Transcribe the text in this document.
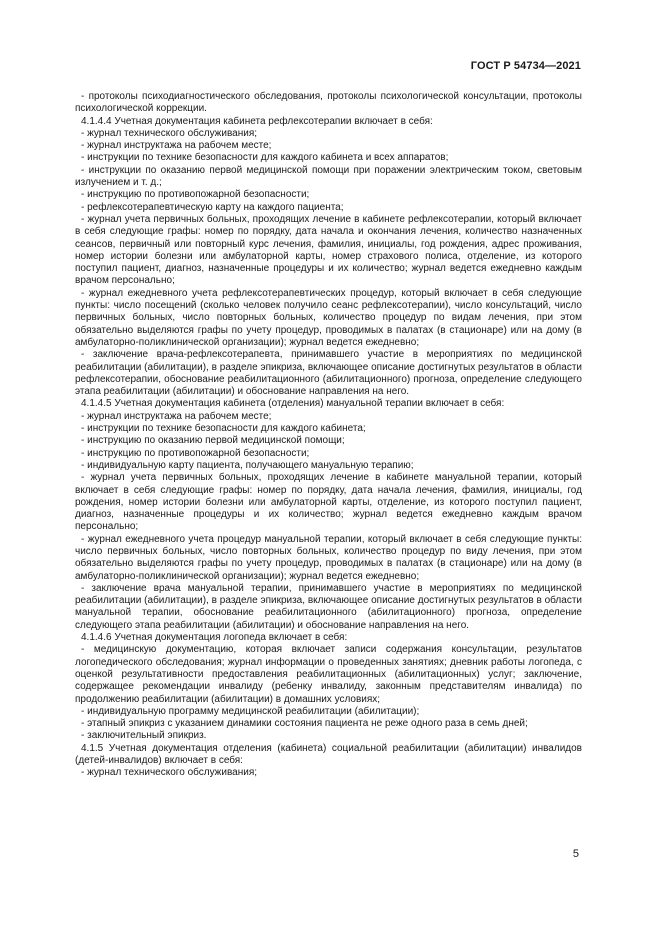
ГОСТ Р 54734—2021

- протоколы психодиагностического обследования, протоколы психологической консультации, протоколы психологической коррекции.

4.1.4.4 Учетная документация кабинета рефлексотерапии включает в себя:

- журнал технического обслуживания;

- журнал инструктажа на рабочем месте;

- инструкции по технике безопасности для каждого кабинета и всех аппаратов;

- инструкции по оказанию первой медицинской помощи при поражении электрическим током, световым излучением и т. д.;

- инструкцию по противопожарной безопасности;

- рефлексотерапевтическую карту на каждого пациента;

- журнал учета первичных больных, проходящих лечение в кабинете рефлексотерапии, который включает в себя следующие графы: номер по порядку, дата начала и окончания лечения, количество назначенных сеансов, первичный или повторный курс лечения, фамилия, инициалы, год рождения, адрес проживания, номер истории болезни или амбулаторной карты, номер страхового полиса, отделение, из которого поступил пациент, диагноз, назначенные процедуры и их количество; журнал ведется ежедневно каждым врачом персонально;

- журнал ежедневного учета рефлексотерапевтических процедур, который включает в себя следующие пункты: число посещений (сколько человек получило сеанс рефлексотерапии), число консультаций, число первичных больных, число повторных больных, количество процедур по видам лечения, при этом обязательно выделяются графы по учету процедур, проводимых в палатах (в стационаре) или на дому (в амбулаторно-поликлинической организации); журнал ведется ежедневно;

- заключение врача-рефлексотерапевта, принимавшего участие в мероприятиях по медицинской реабилитации (абилитации), в разделе эпикриза, включающее описание достигнутых результатов в области рефлексотерапии, обоснование реабилитационного (абилитационного) прогноза, определение следующего этапа реабилитации (абилитации) и обоснование направления на него.

4.1.4.5 Учетная документация кабинета (отделения) мануальной терапии включает в себя:

- журнал инструктажа на рабочем месте;

- инструкции по технике безопасности для каждого кабинета;

- инструкцию по оказанию первой медицинской помощи;

- инструкцию по противопожарной безопасности;

- индивидуальную карту пациента, получающего мануальную терапию;

- журнал учета первичных больных, проходящих лечение в кабинете мануальной терапии, который включает в себя следующие графы: номер по порядку, дата начала лечения, фамилия, инициалы, год рождения, номер истории болезни или амбулаторной карты, отделение, из которого поступил пациент, диагноз, назначенные процедуры и их количество; журнал ведется ежедневно каждым врачом персонально;

- журнал ежедневного учета процедур мануальной терапии, который включает в себя следующие пункты: число первичных больных, число повторных больных, количество процедур по виду лечения, при этом обязательно выделяются графы по учету процедур, проводимых в палатах (в стационаре) или на дому (в амбулаторно-поликлинической организации); журнал ведется ежедневно;

- заключение врача мануальной терапии, принимавшего участие в мероприятиях по медицинской реабилитации (абилитации), в разделе эпикриза, включающее описание достигнутых результатов в области мануальной терапии, обоснование реабилитационного (абилитационного) прогноза, определение следующего этапа реабилитации (абилитации) и обоснование направления на него.

4.1.4.6 Учетная документация логопеда включает в себя:

- медицинскую документацию, которая включает записи содержания консультации, результатов логопедического обследования; журнал информации о проведенных занятиях; дневник работы логопеда, с оценкой результативности предоставления реабилитационных (абилитационных) услуг; заключение, содержащее рекомендации инвалиду (ребенку инвалиду, законным представителям инвалида) по продолжению реабилитации (абилитации) в домашних условиях;

- индивидуальную программу медицинской реабилитации (абилитации);

- этапный эпикриз с указанием динамики состояния пациента не реже одного раза в семь дней;

- заключительный эпикриз.

4.1.5 Учетная документация отделения (кабинета) социальной реабилитации (абилитации) инвалидов (детей-инвалидов) включает в себя:

- журнал технического обслуживания;

5
